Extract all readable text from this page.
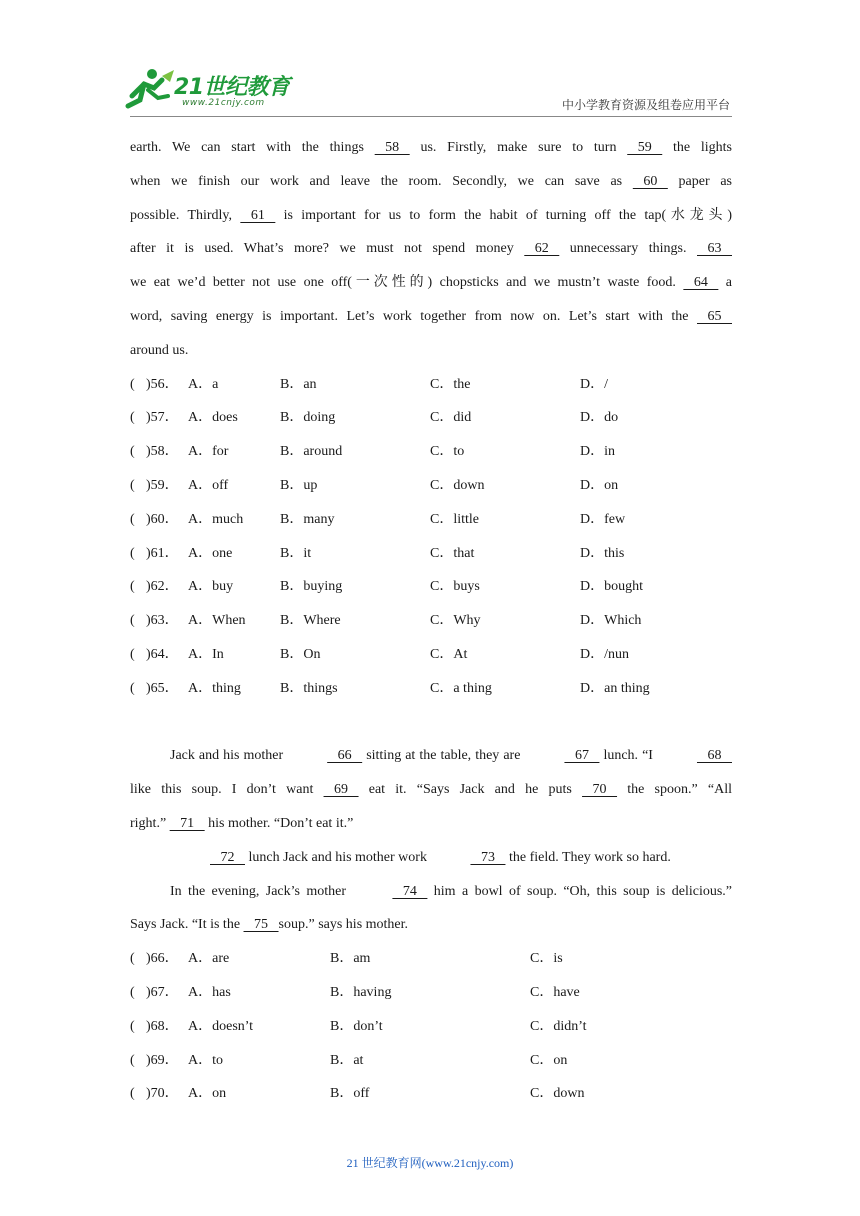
21世纪教育
www.21cnjy.com	中小学教育资源及组卷应用平台
earth. We can start with the things    58    us. Firstly, make sure to turn    59    the lights
when we finish our work and leave the room. Secondly, we can save as    60    paper as
possible. Thirdly,    61    is important for us to form the habit of turning off the tap(水龙头)
after it is used. What’s more? we must not spend money    62    unnecessary things.    63
we eat we’d better not use one off(一次性的) chopsticks and we mustn’t waste food.    64    a
word, saving energy is important. Let’s work together from now on. Let’s start with the    65
around us.
( )56． A．a	B．an	C．the	D．/
( )57． A．does	B．doing	C．did	D．do
( )58． A．for	B．around	C．to	D．in
( )59． A．off	B．up	C．down	D．on
( )60． A．much	B．many	C．little	D．few
( )61． A．one	B．it	C．that	D．this
( )62． A．buy	B．buying	C．buys	D．bought
( )63． A．When B．Where	C．Why	D．Which
( )64． A．In	B．On	C．At	D．/nun
( )65． A．thing	B．things	C．a thing	D．an thing
Jack and his mother	66    sitting at the table, they are	67    lunch. “I	68
like this soup. I don’t want    69    eat it. “Says Jack and he puts    70    the spoon.” “All
right.”    71    his mother. “Don’t eat it.”
72    lunch Jack and his mother work	73    the field. They work so hard.
In the evening, Jack’s mother	74    him a bowl of soup. “Oh, this soup is delicious.”
Says Jack. “It is the    75   soup.” says his mother.
( )66． A．are	B．am	C．is
( )67． A．has	B．having	C．have
( )68． A．doesn’t	B．don’t	C．didn’t
( )69． A．to	B．at	C．on
( )70． A．on	B．off	C．down
21 世纪教育网(www.21cnjy.com)
